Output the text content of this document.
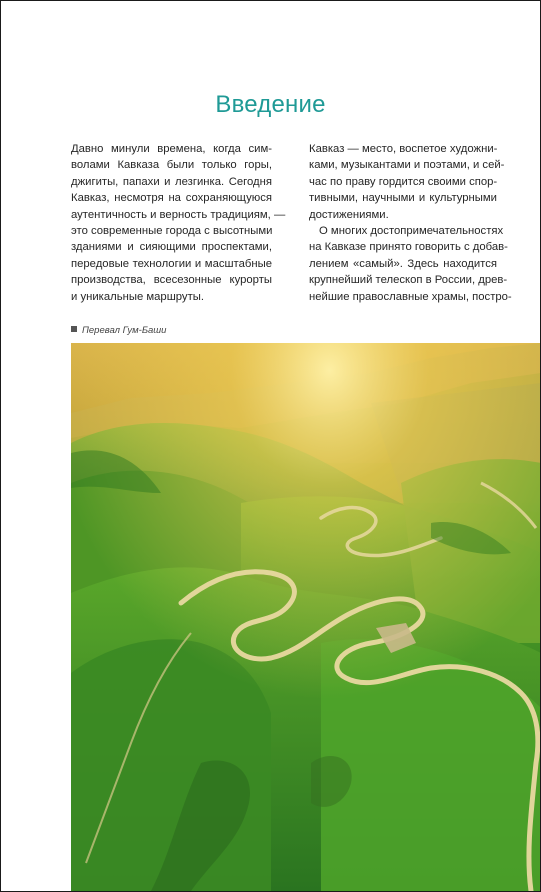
Введение
Давно минули времена, когда сим-
волами Кавказа были только горы,
джигиты, папахи и лезгинка. Сегодня
Кавказ, несмотря на сохраняющуюся
аутентичность и верность традициям, —
это современные города с высотными
зданиями и сияющими проспектами,
передовые технологии и масштабные
производства, всесезонные курорты
и уникальные маршруты.
Кавказ — место, воспетое художни-
ками, музыкантами и поэтами, и сей-
час по праву гордится своими спор-
тивными, научными и культурными
достижениями.
О многих достопримечательностях
на Кавказе принято говорить с добав-
лением «самый». Здесь находится
крупнейший телескоп в России, древ-
нейшие православные храмы, постро-
Перевал Гум-Баши
